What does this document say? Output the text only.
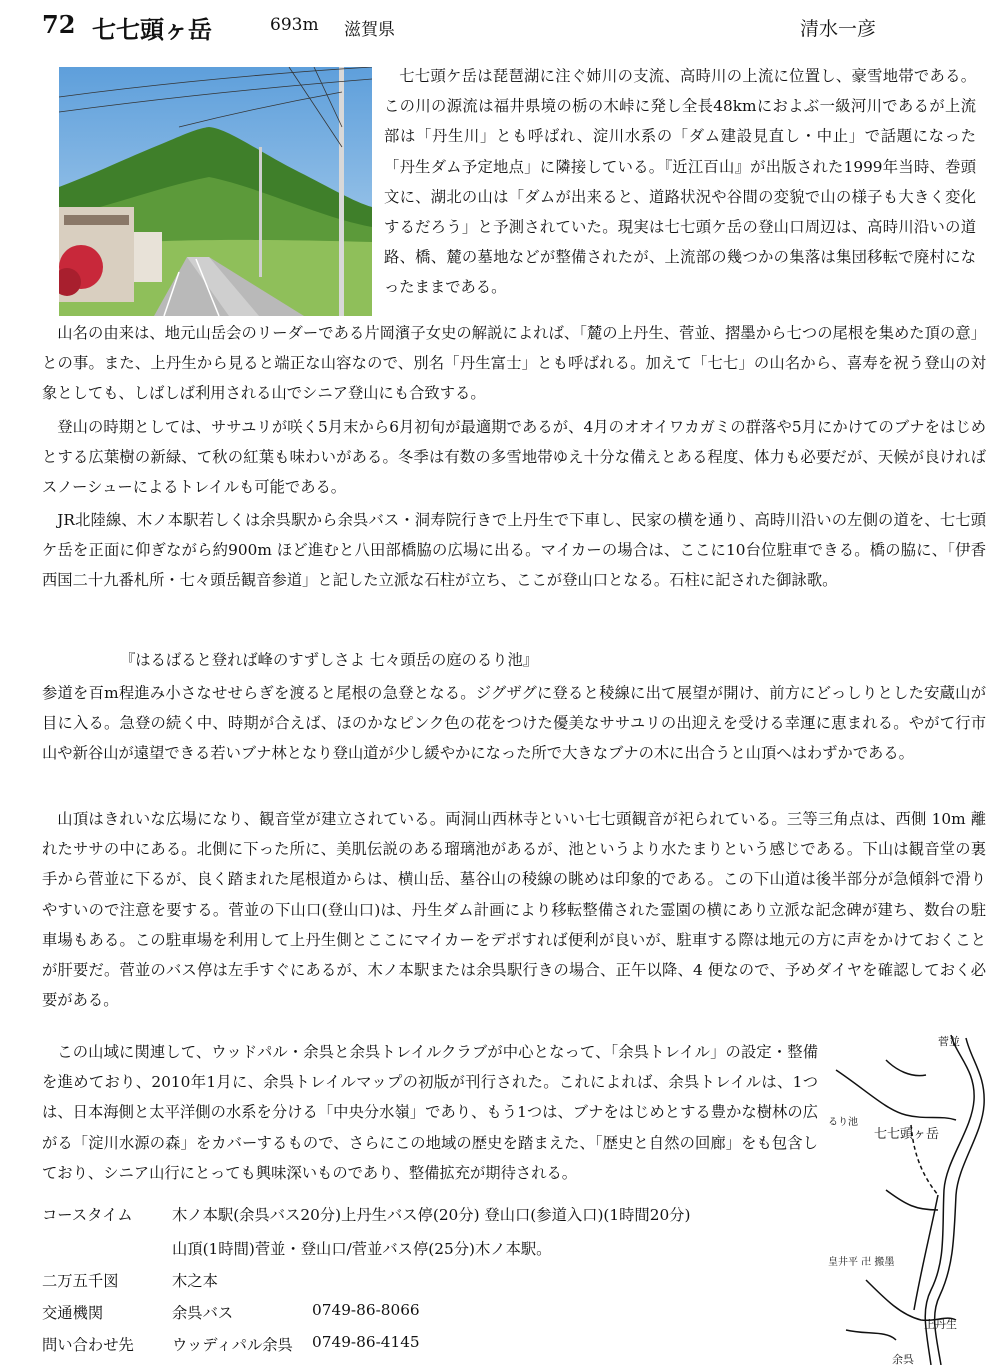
72 七七頭ヶ岳	693m 滋賀県	清水一彦
七七頭ケ岳は琵琶湖に注ぐ姉川の支流、高時川の上流に位置し、豪雪地帯である。この川の源流は福井県境の栃の木峠に発し全長48kmにおよぶ一級河川であるが上流部は「丹生川」とも呼ばれ、淀川水系の「ダム建設見直し・中止」で話題になった「丹生ダム予定地点」に隣接している。『近江百山』が出版された1999年当時、巻頭文に、湖北の山は「ダムが出来ると、道路状況や谷間の変貌で山の様子も大きく変化するだろう」と予測されていた。現実は七七頭ケ岳の登山口周辺は、高時川沿いの道路、橋、麓の墓地などが整備されたが、上流部の幾つかの集落は集団移転で廃村になったままである。
山名の由来は、地元山岳会のリーダーである片岡濱子女史の解説によれば、「麓の上丹生、菅並、摺墨から七つの尾根を集めた頂の意」との事。また、上丹生から見ると端正な山容なので、別名「丹生富士」とも呼ばれる。加えて「七七」の山名から、喜寿を祝う登山の対象としても、しばしば利用される山でシニア登山にも合致する。
登山の時期としては、ササユリが咲く5月末から6月初旬が最適期であるが、4月のオオイワカガミの群落や5月にかけてのブナをはじめとする広葉樹の新緑、て秋の紅葉も味わいがある。冬季は有数の多雪地帯ゆえ十分な備えとある程度、体力も必要だが、天候が良ければスノーシューによるトレイルも可能である。
JR北陸線、木ノ本駅若しくは余呉駅から余呉バス・洞寿院行きで上丹生で下車し、民家の横を通り、高時川沿いの左側の道を、七七頭ケ岳を正面に仰ぎながら約900m ほど進むと八田部橋脇の広場に出る。マイカーの場合は、ここに10台位駐車できる。橋の脇に、「伊香西国二十九番札所・七々頭岳観音参道」と記した立派な石柱が立ち、ここが登山口となる。石柱に記された御詠歌。
『はるばると登れば峰のすずしさよ 七々頭岳の庭のるり池』
参道を百m程進み小さなせせらぎを渡ると尾根の急登となる。ジグザグに登ると稜線に出て展望が開け、前方にどっしりとした安蔵山が目に入る。急登の続く中、時期が合えば、ほのかなピンク色の花をつけた優美なササユリの出迎えを受ける幸運に恵まれる。やがて行市山や新谷山が遠望できる若いブナ林となり登山道が少し緩やかになった所で大きなブナの木に出合うと山頂へはわずかである。
山頂はきれいな広場になり、観音堂が建立されている。両洞山西林寺といい七七頭観音が祀られている。三等三角点は、西側 10m 離れたササの中にある。北側に下った所に、美肌伝説のある瑠璃池があるが、池というより水たまりという感じである。下山は観音堂の裏手から菅並に下るが、良く踏まれた尾根道からは、横山岳、墓谷山の稜線の眺めは印象的である。この下山道は後半部分が急傾斜で滑りやすいので注意を要する。菅並の下山口(登山口)は、丹生ダム計画により移転整備された霊園の横にあり立派な記念碑が建ち、数台の駐車場もある。この駐車場を利用して上丹生側とここにマイカーをデポすれば便利が良いが、駐車する際は地元の方に声をかけておくことが肝要だ。菅並のバス停は左手すぐにあるが、木ノ本駅または余呉駅行きの場合、正午以降、4 便なので、予めダイヤを確認しておく必要がある。
この山域に関連して、ウッドパル・余呉と余呉トレイルクラブが中心となって、「余呉トレイル」の設定・整備を進めており、2010年1月に、余呉トレイルマップの初版が刊行された。これによれば、余呉トレイルは、1つは、日本海側と太平洋側の水系を分ける「中央分水嶺」であり、もう1つは、ブナをはじめとする豊かな樹林の広がる「淀川水源の森」をカバーするもので、さらにこの地域の歴史を踏まえた、「歴史と自然の回廊」をも包含しており、シニア山行にとっても興味深いものであり、整備拡充が期待される。
コースタイム	木ノ本駅(余呉バス20分)上丹生バス停(20分) 登山口(参道入口)(1時間20分)
山頂(1時間)菅並・登山口/菅並バス停(25分)木ノ本駅。
二万五千図	木之本
交通機関	余呉バス	0749-86-8066
問い合わせ先 ウッディパル余呉 0749-86-4145
菅並
るり池
七七頭ヶ岳
皇井平 卍 搬墨
上丹生
余呉
